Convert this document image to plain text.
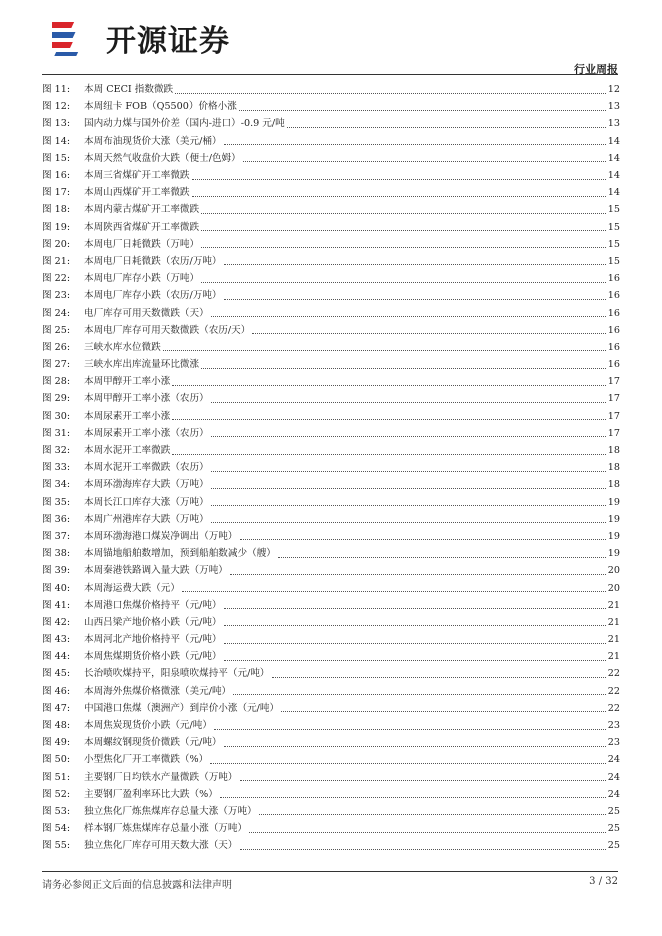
开源证券
行业周报
图 11:	本周 CECI 指数微跌	12
图 12:	本周纽卡 FOB（Q5500）价格小涨	13
图 13:	国内动力煤与国外价差（国内-进口）-0.9 元/吨	13
图 14:	本周布油现货价大涨（美元/桶）	14
图 15:	本周天然气收盘价大跌（便士/色姆）	14
图 16:	本周三省煤矿开工率微跌	14
图 17:	本周山西煤矿开工率微跌	14
图 18:	本周内蒙古煤矿开工率微跌	15
图 19:	本周陕西省煤矿开工率微跌	15
图 20:	本周电厂日耗微跌（万吨）	15
图 21:	本周电厂日耗微跌（农历/万吨）	15
图 22:	本周电厂库存小跌（万吨）	16
图 23:	本周电厂库存小跌（农历/万吨）	16
图 24:	电厂库存可用天数微跌（天）	16
图 25:	本周电厂库存可用天数微跌（农历/天）	16
图 26:	三峡水库水位微跌	16
图 27:	三峡水库出库流量环比微涨	16
图 28:	本周甲醇开工率小涨	17
图 29:	本周甲醇开工率小涨（农历）	17
图 30:	本周尿素开工率小涨	17
图 31:	本周尿素开工率小涨（农历）	17
图 32:	本周水泥开工率微跌	18
图 33:	本周水泥开工率微跌（农历）	18
图 34:	本周环渤海库存大跌（万吨）	18
图 35:	本周长江口库存大涨（万吨）	19
图 36:	本周广州港库存大跌（万吨）	19
图 37:	本周环渤海港口煤炭净调出（万吨）	19
图 38:	本周锚地船舶数增加，预到船舶数减少（艘）	19
图 39:	本周秦港铁路调入量大跌（万吨）	20
图 40:	本周海运费大跌（元）	20
图 41:	本周港口焦煤价格持平（元/吨）	21
图 42:	山西吕梁产地价格小跌（元/吨）	21
图 43:	本周河北产地价格持平（元/吨）	21
图 44:	本周焦煤期货价格小跌（元/吨）	21
图 45:	长治喷吹煤持平，阳泉喷吹煤持平（元/吨）	22
图 46:	本周海外焦煤价格微涨（美元/吨）	22
图 47:	中国港口焦煤（澳洲产）到岸价小涨（元/吨）	22
图 48:	本周焦炭现货价小跌（元/吨）	23
图 49:	本周螺纹钢现货价微跌（元/吨）	23
图 50:	小型焦化厂开工率微跌（%）	24
图 51:	主要钢厂日均铁水产量微跌（万吨）	24
图 52:	主要钢厂盈利率环比大跌（%）	24
图 53:	独立焦化厂炼焦煤库存总量大涨（万吨）	25
图 54:	样本钢厂炼焦煤库存总量小涨（万吨）	25
图 55:	独立焦化厂库存可用天数大涨（天）	25
请务必参阅正文后面的信息披露和法律声明	3 / 32
